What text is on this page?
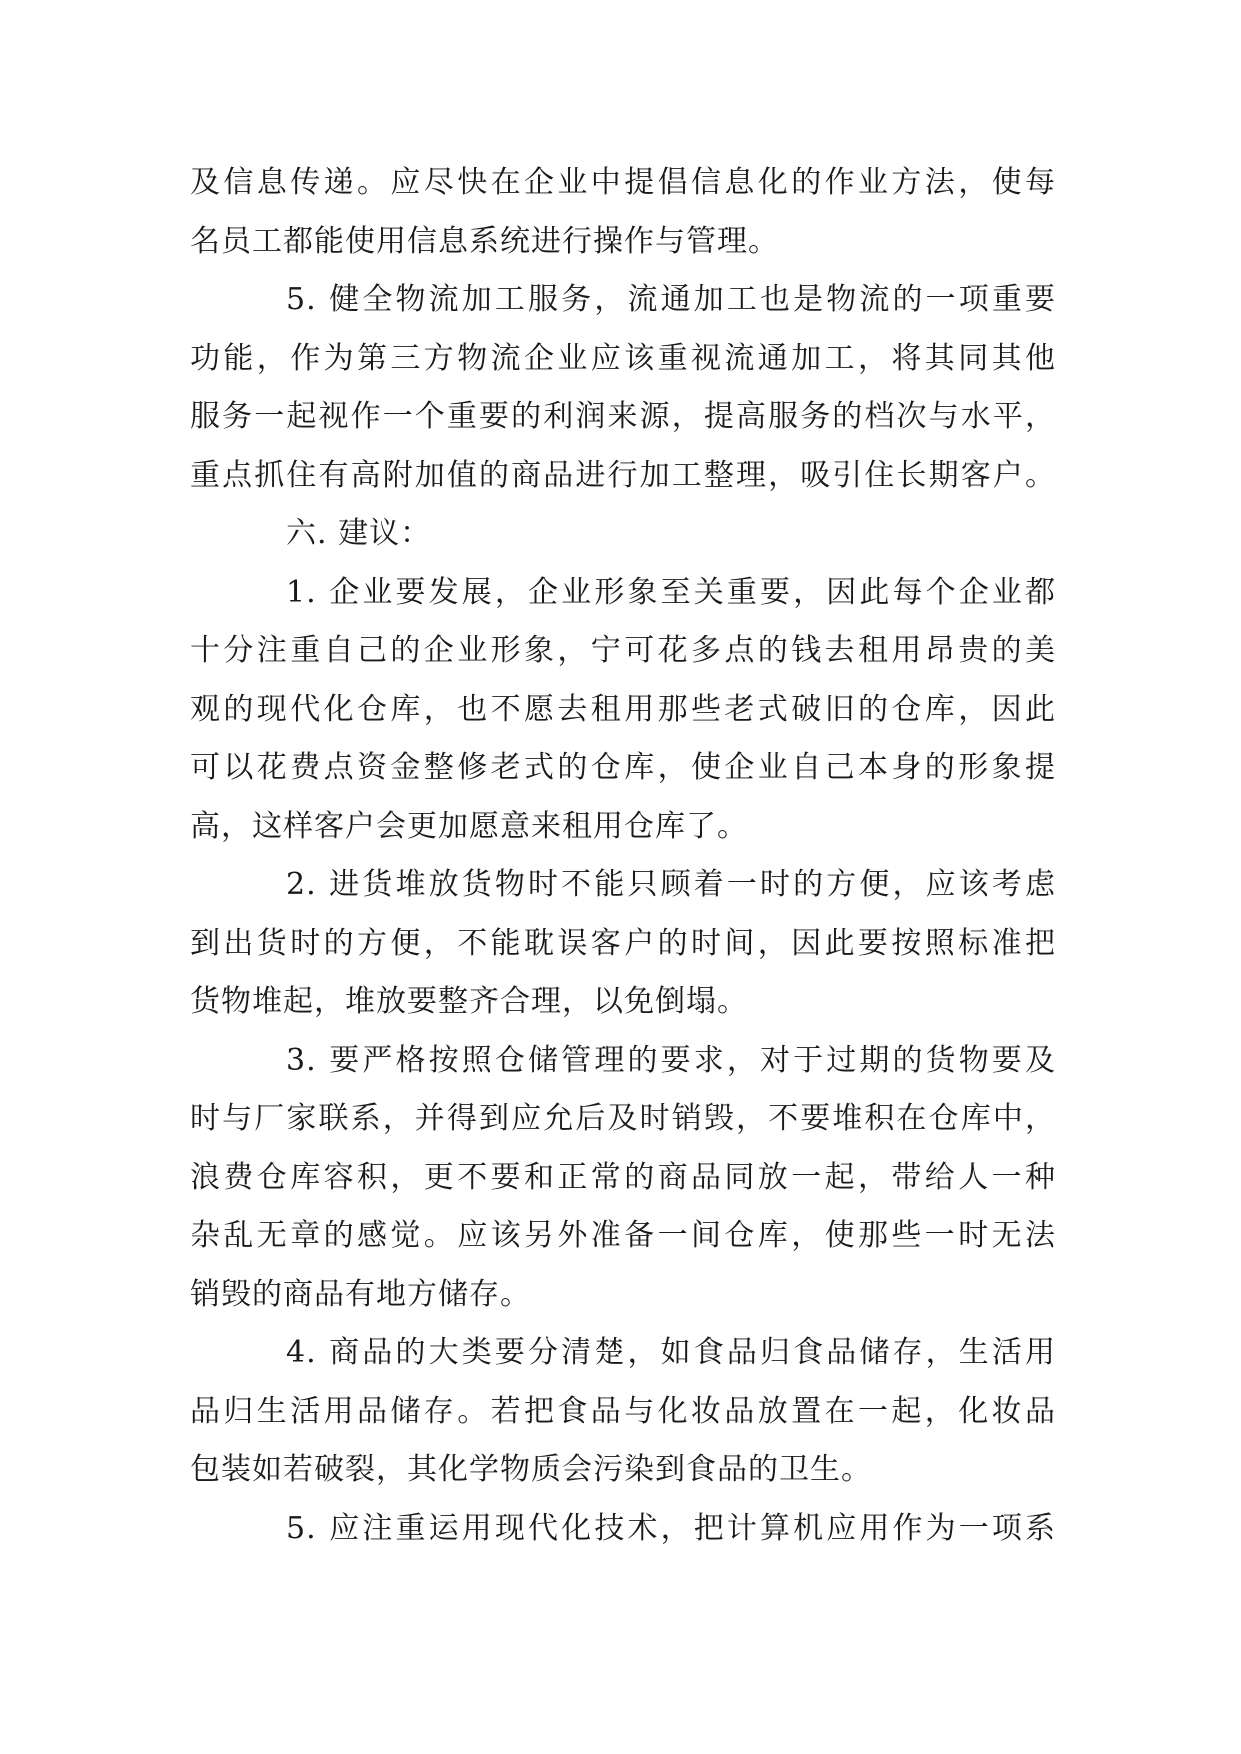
及信息传递。应尽快在企业中提倡信息化的作业方法，使每
名员工都能使用信息系统进行操作与管理。
5. 健全物流加工服务，流通加工也是物流的一项重要
功能，作为第三方物流企业应该重视流通加工，将其同其他
服务一起视作一个重要的利润来源，提高服务的档次与水平，
重点抓住有高附加值的商品进行加工整理，吸引住长期客户。
六. 建议：
1. 企业要发展，企业形象至关重要，因此每个企业都
十分注重自己的企业形象，宁可花多点的钱去租用昂贵的美
观的现代化仓库，也不愿去租用那些老式破旧的仓库，因此
可以花费点资金整修老式的仓库，使企业自己本身的形象提
高，这样客户会更加愿意来租用仓库了。
2. 进货堆放货物时不能只顾着一时的方便，应该考虑
到出货时的方便，不能耽误客户的时间，因此要按照标准把
货物堆起，堆放要整齐合理，以免倒塌。
3. 要严格按照仓储管理的要求，对于过期的货物要及
时与厂家联系，并得到应允后及时销毁，不要堆积在仓库中，
浪费仓库容积，更不要和正常的商品同放一起，带给人一种
杂乱无章的感觉。应该另外准备一间仓库，使那些一时无法
销毁的商品有地方储存。
4. 商品的大类要分清楚，如食品归食品储存，生活用
品归生活用品储存。若把食品与化妆品放置在一起，化妆品
包装如若破裂，其化学物质会污染到食品的卫生。
5. 应注重运用现代化技术，把计算机应用作为一项系
